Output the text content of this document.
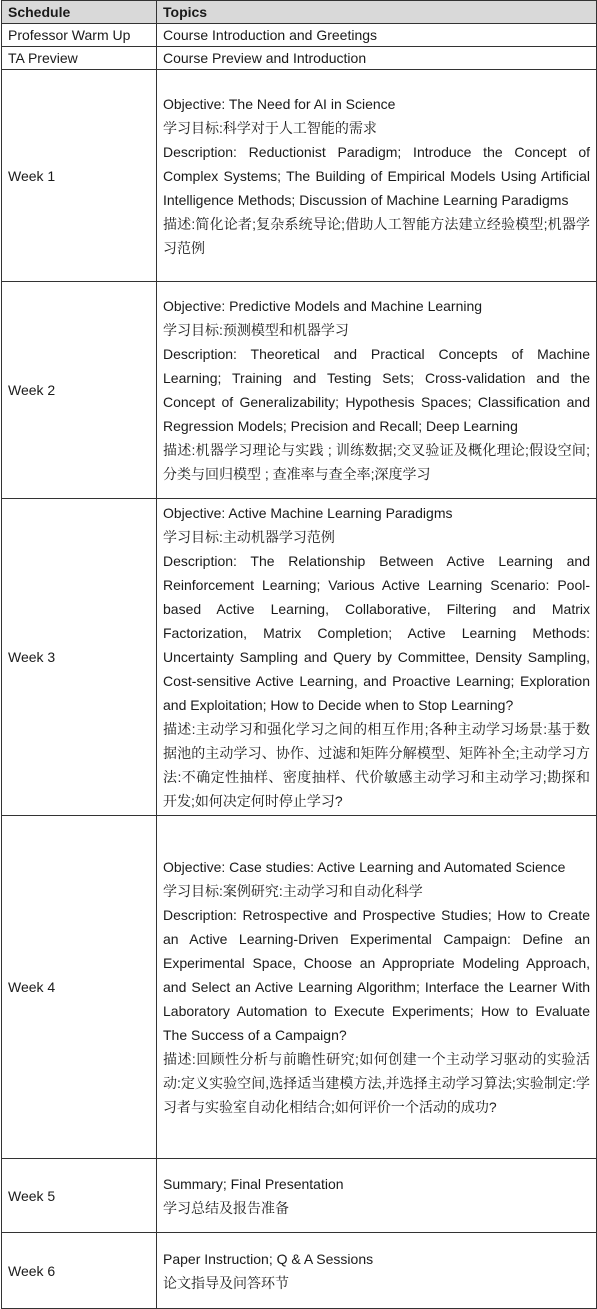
Schedule	Topics
Professor Warm Up	Course Introduction and Greetings

TA Preview	Course Preview and Introduction

Week 1	Objective: The Need for AI in Science
学习目标:科学对于人工智能的需求
Description: Reductionist Paradigm; Introduce the Concept of Complex Systems; The Building of Empirical Models Using Artificial Intelligence Methods; Discussion of Machine Learning Paradigms
描述:简化论者;复杂系统导论;借助人工智能方法建立经验模型;机器学习范例

Week 2	Objective: Predictive Models and Machine Learning
学习目标:预测模型和机器学习
Description: Theoretical and Practical Concepts of Machine Learning; Training and Testing Sets; Cross-validation and the Concept of Generalizability; Hypothesis Spaces; Classification and Regression Models; Precision and Recall; Deep Learning
描述:机器学习理论与实践 ; 训练数据;交叉验证及概化理论;假设空间;分类与回归模型 ; 查准率与查全率;深度学习

Week 3	Objective: Active Machine Learning Paradigms
学习目标:主动机器学习范例
Description: The Relationship Between Active Learning and Reinforcement Learning; Various Active Learning Scenario: Pool-based Active Learning, Collaborative, Filtering and Matrix Factorization, Matrix Completion; Active Learning Methods: Uncertainty Sampling and Query by Committee, Density Sampling, Cost-sensitive Active Learning, and Proactive Learning; Exploration and Exploitation; How to Decide when to Stop Learning?
描述:主动学习和强化学习之间的相互作用;各种主动学习场景:基于数据池的主动学习、协作、过滤和矩阵分解模型、矩阵补全;主动学习方法:不确定性抽样、密度抽样、代价敏感主动学习和主动学习;勘探和开发;如何决定何时停止学习?

Week 4	Objective: Case studies: Active Learning and Automated Science
学习目标:案例研究:主动学习和自动化科学
Description: Retrospective and Prospective Studies; How to Create an Active Learning-Driven Experimental Campaign: Define an Experimental Space, Choose an Appropriate Modeling Approach, and Select an Active Learning Algorithm; Interface the Learner With Laboratory Automation to Execute Experiments; How to Evaluate The Success of a Campaign?
描述:回顾性分析与前瞻性研究;如何创建一个主动学习驱动的实验活动:定义实验空间,选择适当建模方法,并选择主动学习算法;实验制定:学习者与实验室自动化相结合;如何评价一个活动的成功?

Week 5	Summary; Final Presentation
学习总结及报告准备

Week 6	Paper Instruction; Q & A Sessions
论文指导及问答环节
